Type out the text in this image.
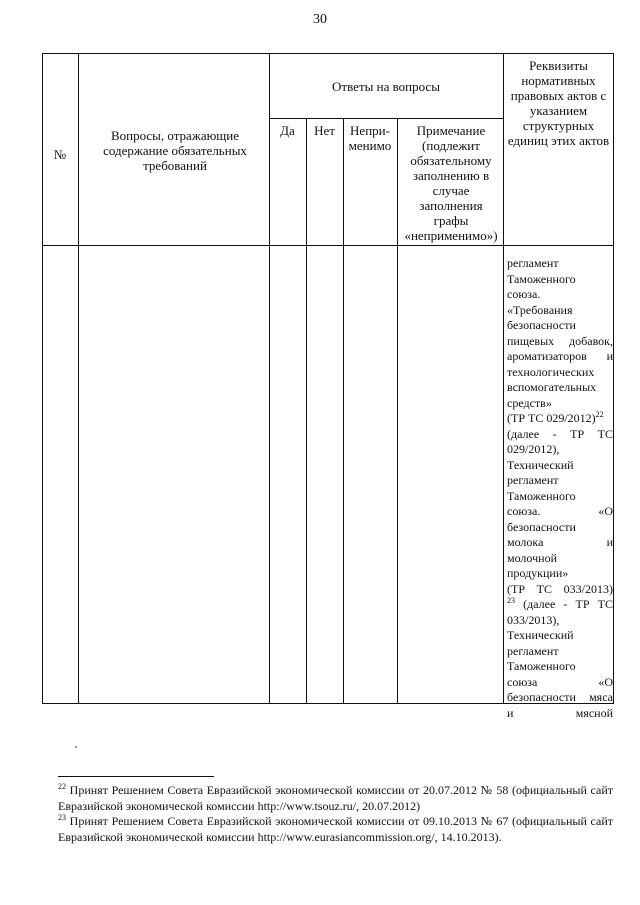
30
№
Вопросы, отражающие содержание обязательных требований
Ответы на вопросы
Да	Нет	Непри-
менимо
Примечание (подлежит обязательному заполнению в случае заполнения графы «неприменимо»)
Реквизиты нормативных правовых актов с указанием структурных единиц этих актов
регламент
Таможенного
союза.
«Требования
безопасности
пищевых добавок,
ароматизаторов и
технологических
вспомогательных
средств»
(ТР ТС 029/2012)$^{22}$
(далее - ТР ТС
029/2012),
Технический
регламент
Таможенного
союза. «О
безопасности
молока и
молочной
продукции»
(ТР ТС 033/2013)
$^{23}$ (далее - ТР ТС
033/2013),
Технический
регламент
Таможенного
союза «О
безопасности мяса
и мясной
$^{22}$ Принят Решением Совета Евразийской экономической комиссии от 20.07.2012 № 58 (официальный сайт Евразийской экономической комиссии http://www.tsouz.ru/, 20.07.2012)
$^{23}$ Принят Решением Совета Евразийской экономической комиссии от 09.10.2013 № 67 (официальный сайт Евразийской экономической комиссии http://www.eurasiancommission.org/, 14.10.2013).
